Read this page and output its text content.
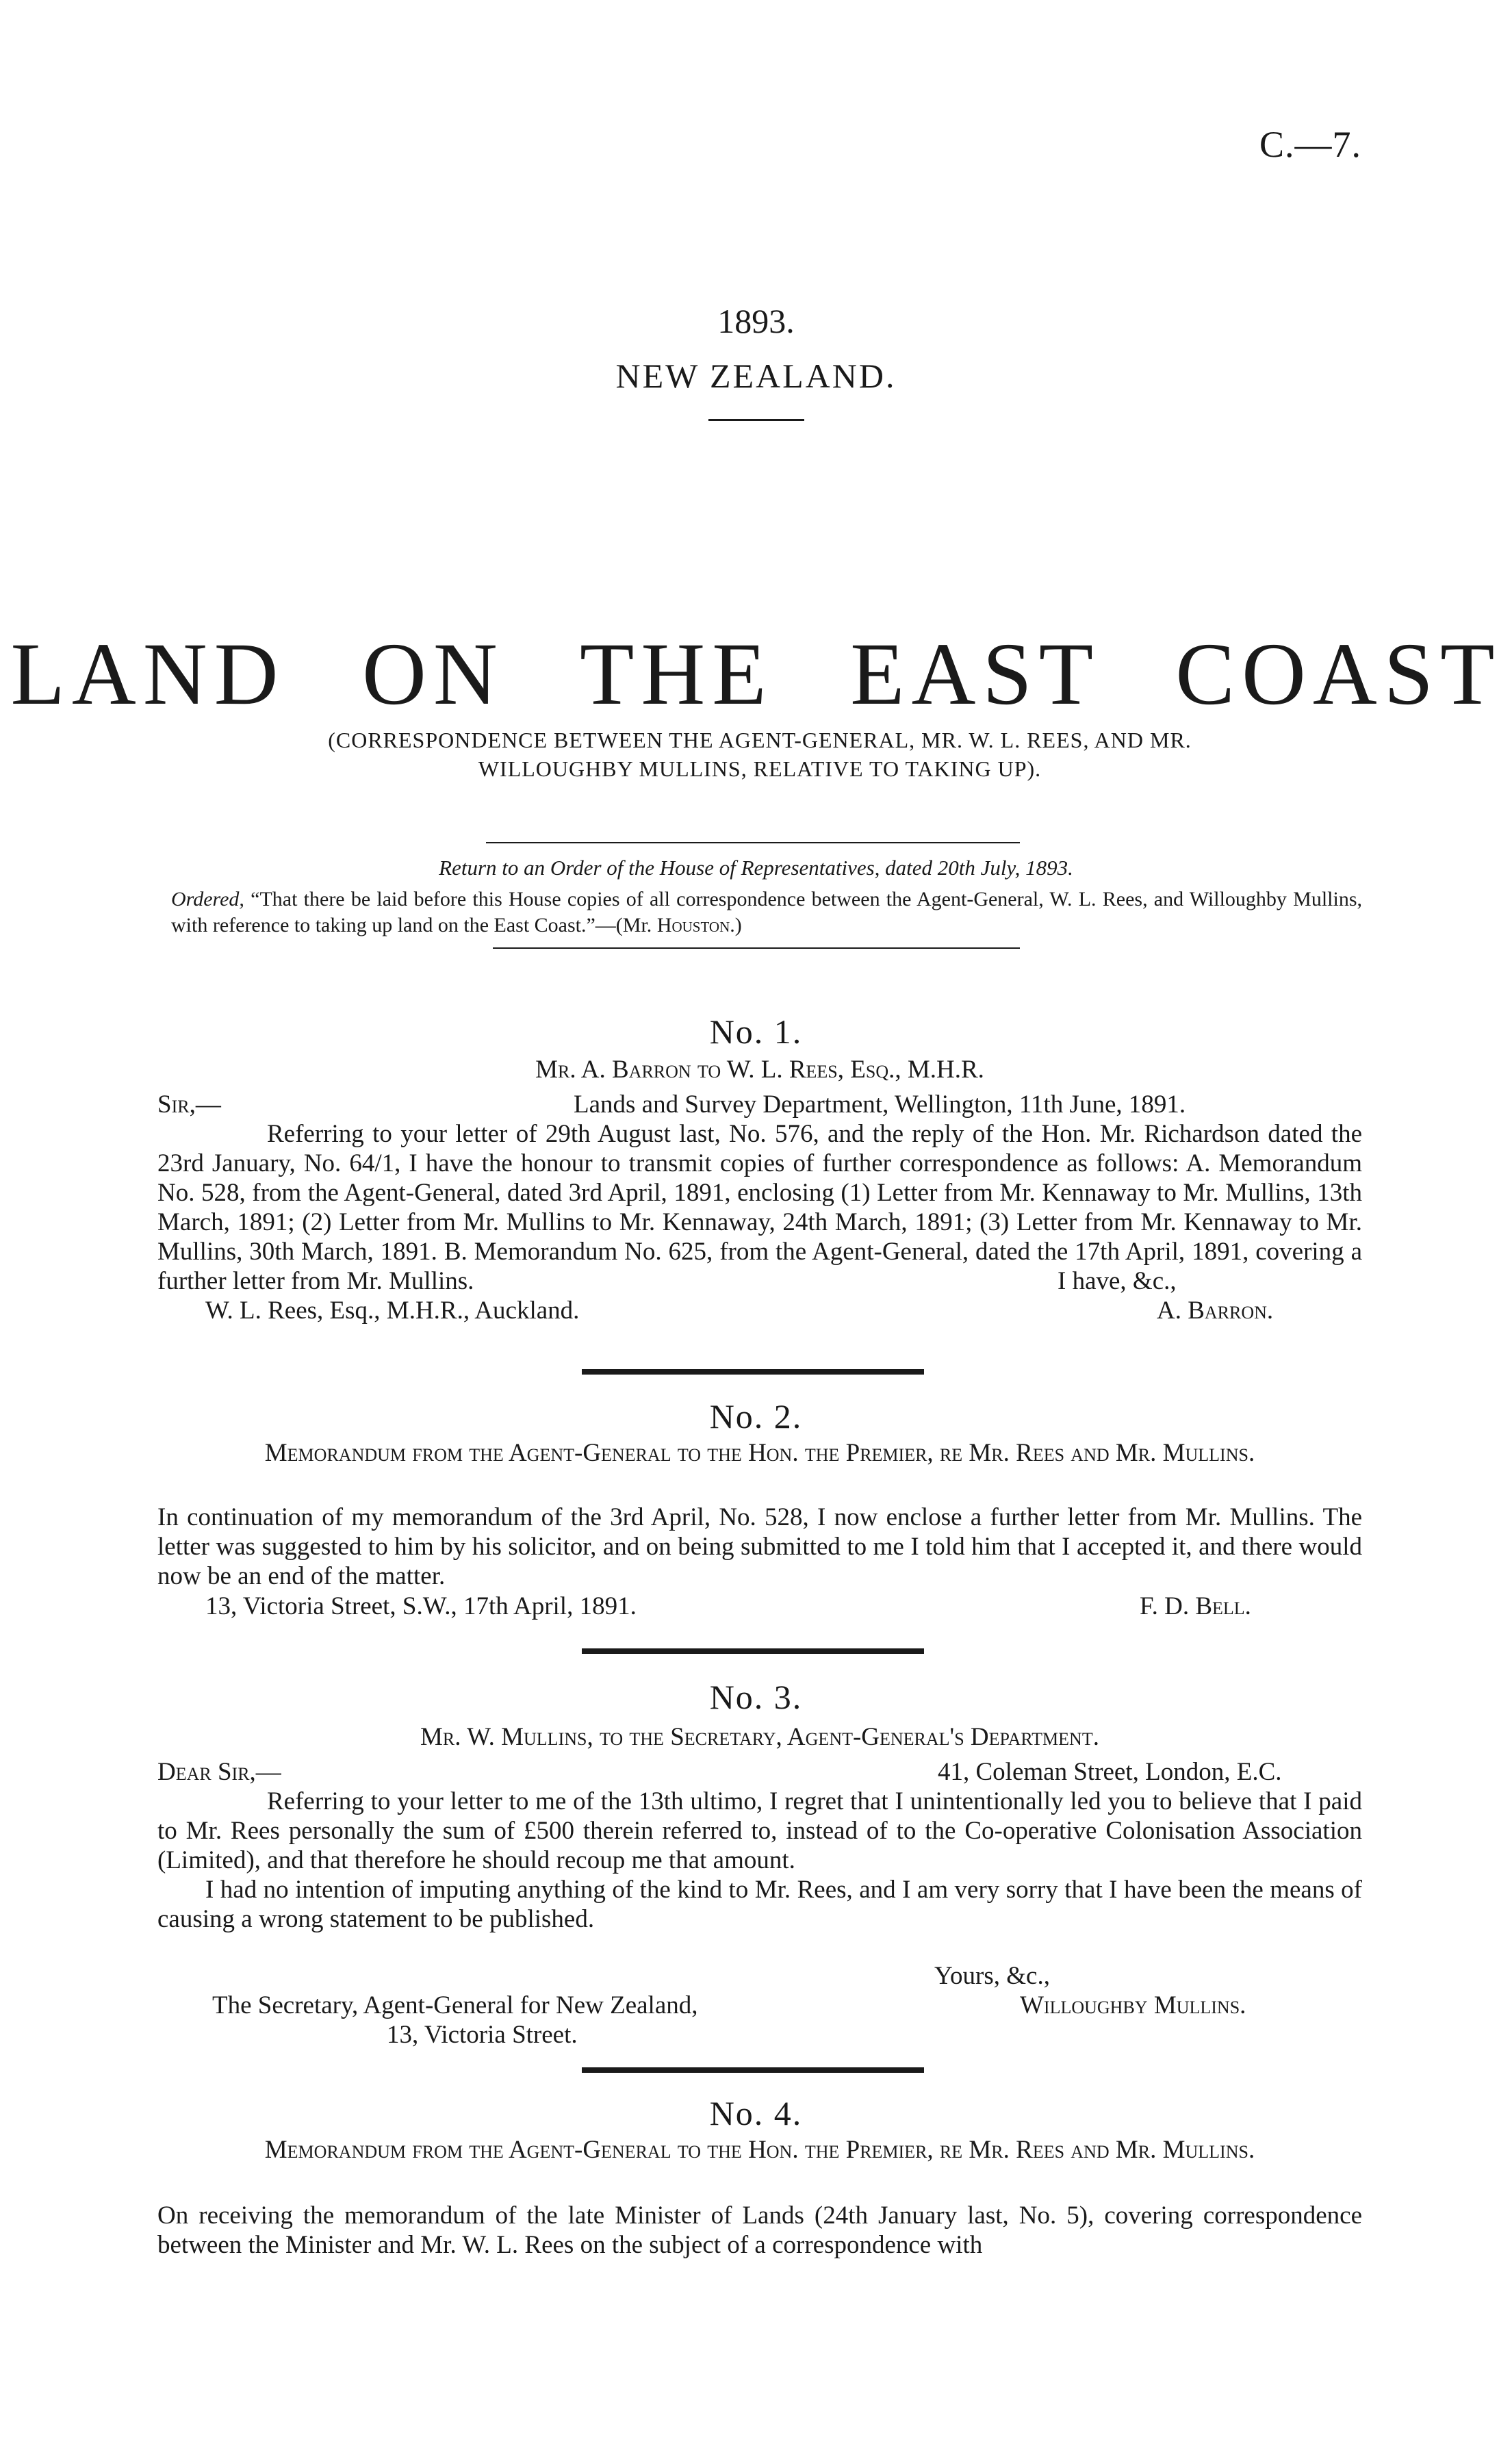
C.—7.
1893.
NEW ZEALAND.
LAND ON THE EAST COAST
(CORRESPONDENCE BETWEEN THE AGENT-GENERAL, MR. W. L. REES, AND MR. WILLOUGHBY MULLINS, RELATIVE TO TAKING UP).
Return to an Order of the House of Representatives, dated 20th July, 1893.
Ordered, “That there be laid before this House copies of all correspondence between the Agent-General, W. L. Rees, and Willoughby Mullins, with reference to taking up land on the East Coast.”—(Mr. Houston.)
No. 1.
Mr. A. Barron to W. L. Rees, Esq., M.H.R.
Sir,—	Lands and Survey Department, Wellington, 11th June, 1891.

Referring to your letter of 29th August last, No. 576, and the reply of the Hon. Mr. Richardson dated the 23rd January, No. 64/1, I have the honour to transmit copies of further correspondence as follows: A. Memorandum No. 528, from the Agent-General, dated 3rd April, 1891, enclosing (1) Letter from Mr. Kennaway to Mr. Mullins, 13th March, 1891; (2) Letter from Mr. Mullins to Mr. Kennaway, 24th March, 1891; (3) Letter from Mr. Kennaway to Mr. Mullins, 30th March, 1891. B. Memorandum No. 625, from the Agent-General, dated the 17th April, 1891, covering a further letter from Mr. Mullins.	I have, &c.,
W. L. Rees, Esq., M.H.R., Auckland.	A. Barron.
No. 2.
Memorandum from the Agent-General to the Hon. the Premier, re Mr. Rees and Mr. Mullins.

In continuation of my memorandum of the 3rd April, No. 528, I now enclose a further letter from Mr. Mullins. The letter was suggested to him by his solicitor, and on being submitted to me I told him that I accepted it, and there would now be an end of the matter.

13, Victoria Street, S.W., 17th April, 1891.	F. D. Bell.
No. 3.
Mr. W. Mullins, to the Secretary, Agent-General's Department.
Dear Sir,—	41, Coleman Street, London, E.C.

Referring to your letter to me of the 13th ultimo, I regret that I unintentionally led you to believe that I paid to Mr. Rees personally the sum of £500 therein referred to, instead of to the Co-operative Colonisation Association (Limited), and that therefore he should recoup me that amount.

I had no intention of imputing anything of the kind to Mr. Rees, and I am very sorry that I have been the means of causing a wrong statement to be published.

Yours, &c.,
The Secretary, Agent-General for New Zealand,	Willoughby Mullins.
13, Victoria Street.
No. 4.
Memorandum from the Agent-General to the Hon. the Premier, re Mr. Rees and Mr. Mullins.

On receiving the memorandum of the late Minister of Lands (24th January last, No. 5), covering correspondence between the Minister and Mr. W. L. Rees on the subject of a correspondence with
